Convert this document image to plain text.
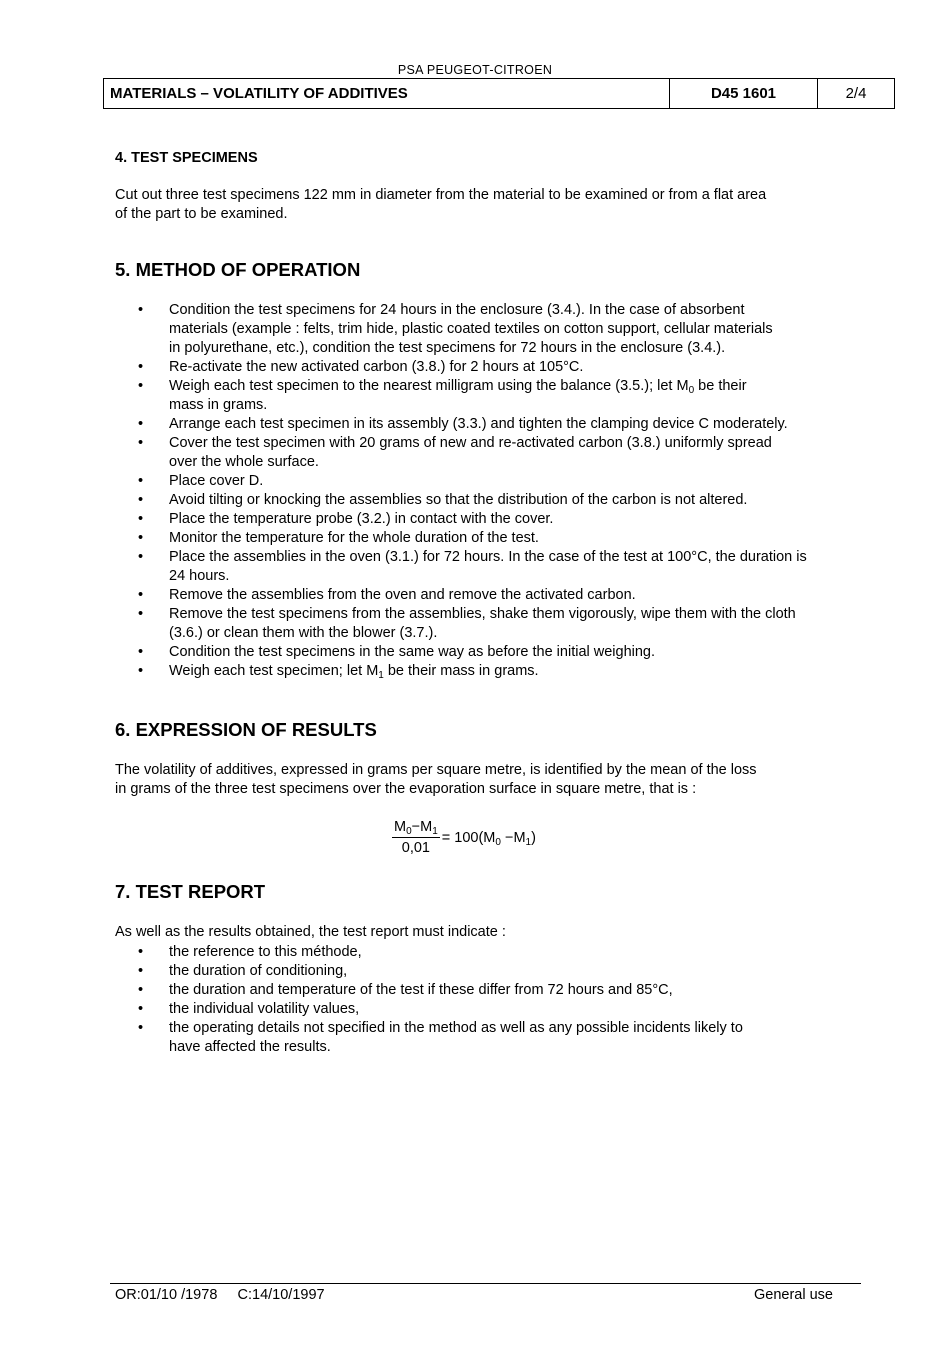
PSA PEUGEOT-CITROEN
MATERIALS – VOLATILITY OF ADDITIVES	D45 1601	2/4
4. TEST SPECIMENS
Cut out three test specimens 122 mm in diameter from the material to be examined or from a flat area
of the part to be examined.
5. METHOD OF OPERATION
• Condition the test specimens for 24 hours in the enclosure (3.4.). In the case of absorbent
materials (example : felts, trim hide, plastic coated textiles on cotton support, cellular materials
in polyurethane, etc.), condition the test specimens for 72 hours in the enclosure (3.4.).
• Re-activate the new activated carbon (3.8.) for 2 hours at 105°C.
• Weigh each test specimen to the nearest milligram using the balance (3.5.); let $M_0$ be their
mass in grams.
• Arrange each test specimen in its assembly (3.3.) and tighten the clamping device C moderately.
• Cover the test specimen with 20 grams of new and re-activated carbon (3.8.) uniformly spread
over the whole surface.
• Place cover D.
• Avoid tilting or knocking the assemblies so that the distribution of the carbon is not altered.
• Place the temperature probe (3.2.) in contact with the cover.
• Monitor the temperature for the whole duration of the test.
• Place the assemblies in the oven (3.1.) for 72 hours. In the case of the test at 100°C, the duration is
24 hours.
• Remove the assemblies from the oven and remove the activated carbon.
• Remove the test specimens from the assemblies, shake them vigorously, wipe them with the cloth
(3.6.) or clean them with the blower (3.7.).
• Condition the test specimens in the same way as before the initial weighing.
• Weigh each test specimen; let $M_1$ be their mass in grams.
6. EXPRESSION OF RESULTS
The volatility of additives, expressed in grams per square metre, is identified by the mean of the loss
in grams of the three test specimens over the evaporation surface in square metre, that is :
$\frac{M_0-M_1}{0,01} = 100(M_0 -M_1)$
7. TEST REPORT
As well as the results obtained, the test report must indicate :
• the reference to this méthode,
• the duration of conditioning,
• the duration and temperature of the test if these differ from 72 hours and 85°C,
• the individual volatility values,
• the operating details not specified in the method as well as any possible incidents likely to
have affected the results.
OR:01/10 /1978     C:14/10/1997	General use
